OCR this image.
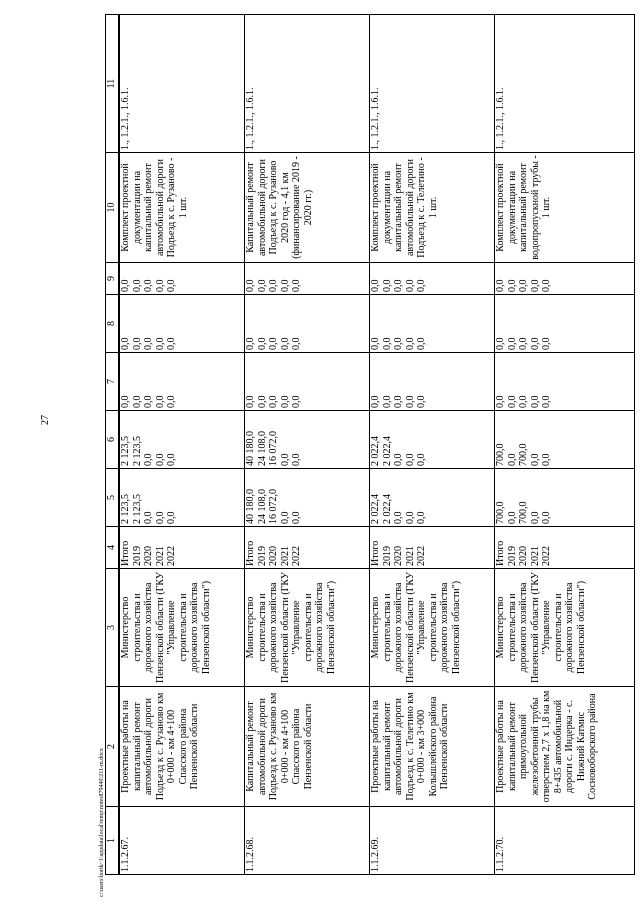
27
c:\users\borik~1\appdata\local\temp\notes879440\211-m.docx 1	2	3	4	5	6	7	8	9	10	11
1.1.2.67.	Проектные работы на капитальный ремонт автомобильной дороги Подъезд к с. Рузаново км 0+000 - км 4+100 Спасского района Пензенской области	Министерство строительства и дорожного хозяйства Пензенской области (ГКУ "Управление строительства и дорожного хозяйства Пензенской области")	Итого 2019 2020 2021 2022	2 123,5 2 123,5 0,0 0,0 0,0	2 123,5 2 123,5 0,0 0,0 0,0	0,0 0,0 0,0 0,0 0,0	0,0 0,0 0,0 0,0 0,0	0,0 0,0 0,0 0,0 0,0	Комплект проектной документации на капитальный ремонт автомобильной дороги Подъезд к с. Рузаново - 1 шт.	1., 1.2.1., 1.6.1.
1.1.2.68.	Капитальный ремонт автомобильной дороги Подъезд к с. Рузаново км 0+000 - км 4+100 Спасского района Пензенской области	Министерство строительства и дорожного хозяйства Пензенской области (ГКУ "Управление строительства и дорожного хозяйства Пензенской области")	Итого 2019 2020 2021 2022	40 180,0 24 108,0 16 072,0 0,0 0,0	40 180,0 24 108,0 16 072,0 0,0 0,0	0,0 0,0 0,0 0,0 0,0	0,0 0,0 0,0 0,0 0,0	0,0 0,0 0,0 0,0 0,0	Капитальный ремонт автомобильной дороги Подъезд к с. Рузаново 2020 год - 4,1 км (финансирование 2019 - 2020 гг.)	1., 1.2.1., 1.6.1.
1.1.2.69.	Проектные работы на капитальный ремонт автомобильной дороги Подъезд к с. Телетино км 0+000 - км 3+000 Колышлейского района Пензенской области	Министерство строительства и дорожного хозяйства Пензенской области (ГКУ "Управление строительства и дорожного хозяйства Пензенской области")	Итого 2019 2020 2021 2022	2 022,4 2 022,4 0,0 0,0 0,0	2 022,4 2 022,4 0,0 0,0 0,0	0,0 0,0 0,0 0,0 0,0	0,0 0,0 0,0 0,0 0,0	0,0 0,0 0,0 0,0 0,0	Комплект проектной документации на капитальный ремонт автомобильной дороги Подъезд к с. Телетино - 1 шт.	1., 1.2.1., 1.6.1.
1.1.2.70.	Проектные работы на капитальный ремонт прямоугольной железобетонной трубы отверстием 2,7 х 1,8 на км 8+435 автомобильной дороги с. Индерка - с. Нижний Катмис Сосновоборского района	Министерство строительства и дорожного хозяйства Пензенской области (ГКУ "Управление строительства и дорожного хозяйства Пензенской области")	Итого 2019 2020 2021 2022	700,0 0,0 700,0 0,0 0,0	700,0 0,0 700,0 0,0 0,0	0,0 0,0 0,0 0,0 0,0	0,0 0,0 0,0 0,0 0,0	0,0 0,0 0,0 0,0 0,0	Комплект проектной документации на капитальный ремонт водопропускной трубы - 1 шт.	1., 1.2.1., 1.6.1.
